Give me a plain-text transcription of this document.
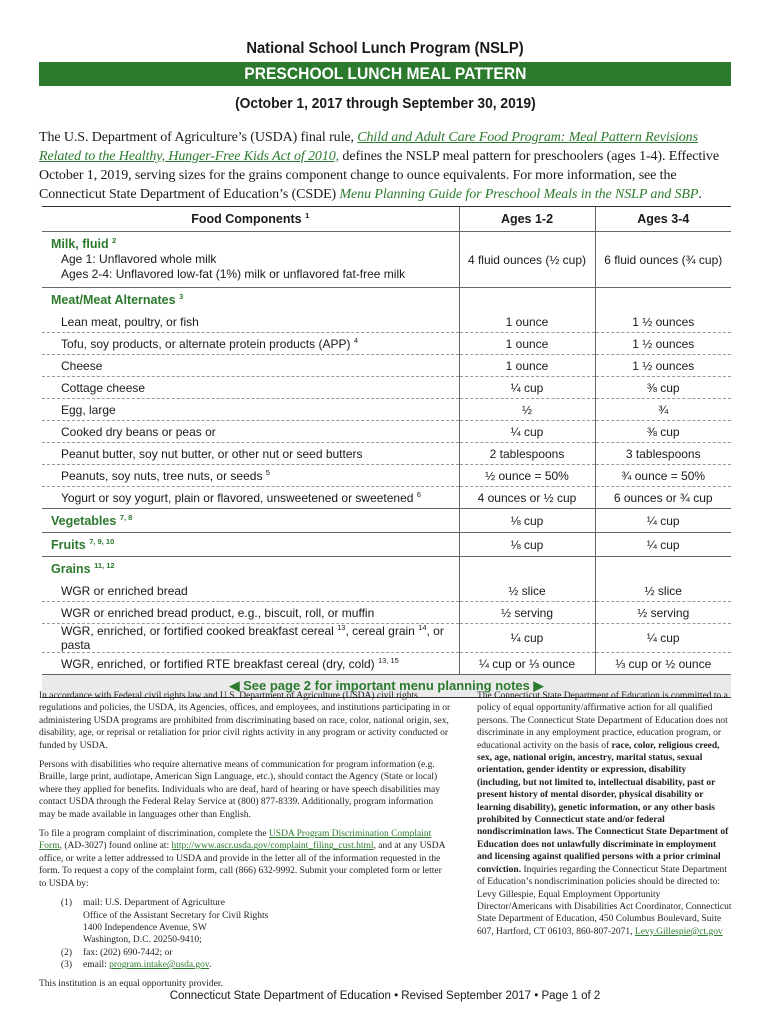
National School Lunch Program (NSLP)
PRESCHOOL LUNCH MEAL PATTERN
(October 1, 2017 through September 30, 2019)
The U.S. Department of Agriculture’s (USDA) final rule, Child and Adult Care Food Program: Meal Pattern Revisions Related to the Healthy, Hunger-Free Kids Act of 2010, defines the NSLP meal pattern for preschoolers (ages 1-4). Effective October 1, 2019, serving sizes for the grains component change to ounce equivalents. For more information, see the Connecticut State Department of Education’s (CSDE) Menu Planning Guide for Preschool Meals in the NSLP and SBP.
Food Components $^1$	Ages 1-2	Ages 3-4

Milk, fluid $^2$
Age 1: Unflavored whole milk
Ages 2-4: Unflavored low-fat (1%) milk or unflavored fat-free milk	4 fluid ounces (½ cup)	6 fluid ounces (¾ cup)
Meat/Meat Alternates $^3$		
Lean meat, poultry, or fish	1 ounce	1 ½ ounces
Tofu, soy products, or alternate protein products (APP) $^4$	1 ounce	1 ½ ounces
Cheese	1 ounce	1 ½ ounces
Cottage cheese	¼ cup	⅜ cup
Egg, large	½	¾
Cooked dry beans or peas or	¼ cup	⅜ cup
Peanut butter, soy nut butter, or other nut or seed butters	2 tablespoons	3 tablespoons
Peanuts, soy nuts, tree nuts, or seeds $^5$	½ ounce = 50%	¾ ounce = 50%
Yogurt or soy yogurt, plain or flavored, unsweetened or sweetened $^6$	4 ounces or ½ cup	6 ounces or ¾ cup
Vegetables $^{7, 8}$	⅛ cup	¼ cup
Fruits $^{7, 9, 10}$	⅛ cup	¼ cup
Grains $^{11, 12}$		
WGR or enriched bread	½ slice	½ slice
WGR or enriched bread product, e.g., biscuit, roll, or muffin	½ serving	½ serving
WGR, enriched, or fortified cooked breakfast cereal $^{13}$, cereal grain $^{14}$, or pasta	¼ cup	¼ cup
WGR, enriched, or fortified RTE breakfast cereal (dry, cold) $^{13, 15}$	¼ cup or ⅓ ounce	⅓ cup or ½ ounce
◀ See page 2 for important menu planning notes ▶		

In accordance with Federal civil rights law and U.S. Department of Agriculture (USDA) civil rights regulations and policies, the USDA, its Agencies, offices, and employees, and institutions participating in or administering USDA programs are prohibited from discriminating based on race, color, national origin, sex, disability, age, or reprisal or retaliation for prior civil rights activity in any program or activity conducted or funded by USDA.

Persons with disabilities who require alternative means of communication for program information (e.g. Braille, large print, audiotape, American Sign Language, etc.), should contact the Agency (State or local) where they applied for benefits. Individuals who are deaf, hard of hearing or have speech disabilities may contact USDA through the Federal Relay Service at (800) 877-8339. Additionally, program information may be made available in languages other than English.

To file a program complaint of discrimination, complete the USDA Program Discrimination Complaint Form, (AD-3027) found online at: http://www.ascr.usda.gov/complaint_filing_cust.html, and at any USDA office, or write a letter addressed to USDA and provide in the letter all of the information requested in the form. To request a copy of the complaint form, call (866) 632-9992. Submit your completed form or letter to USDA by:

(1)	mail: U.S. Department of Agriculture
Office of the Assistant Secretary for Civil Rights
1400 Independence Avenue, SW
Washington, D.C. 20250-9410;
(2)	fax: (202) 690-7442; or
(3)	email: program.intake@usda.gov.

This institution is an equal opportunity provider.

The Connecticut State Department of Education is committed to a policy of equal opportunity/affirmative action for all qualified persons. The Connecticut State Department of Education does not discriminate in any employment practice, education program, or educational activity on the basis of race, color, religious creed, sex, age, national origin, ancestry, marital status, sexual orientation, gender identity or expression, disability (including, but not limited to, intellectual disability, past or present history of mental disorder, physical disability or learning disability), genetic information, or any other basis prohibited by Connecticut state and/or federal nondiscrimination laws. The Connecticut State Department of Education does not unlawfully discriminate in employment and licensing against qualified persons with a prior criminal conviction. Inquiries regarding the Connecticut State Department of Education’s nondiscrimination policies should be directed to: Levy Gillespie, Equal Employment Opportunity Director/Americans with Disabilities Act Coordinator, Connecticut State Department of Education, 450 Columbus Boulevard, Suite 607, Hartford, CT 06103, 860-807-2071, Levy.Gillespie@ct.gov
Connecticut State Department of Education • Revised September 2017 • Page 1 of 2
